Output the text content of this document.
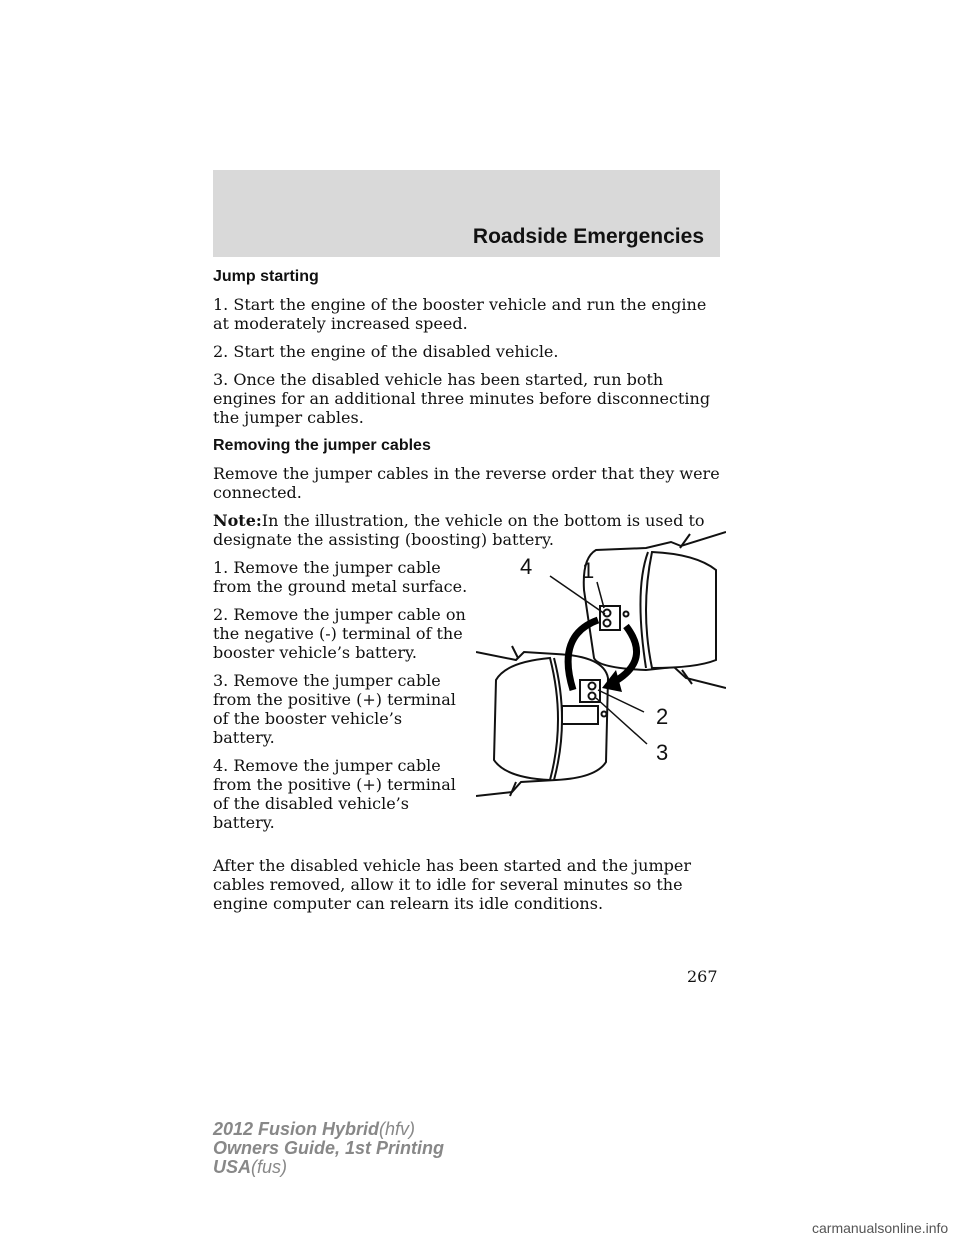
Roadside Emergencies
Jump starting

1. Start the engine of the booster vehicle and run the engine at moderately increased speed.

2. Start the engine of the disabled vehicle.

3. Once the disabled vehicle has been started, run both engines for an additional three minutes before disconnecting the jumper cables.

Removing the jumper cables

Remove the jumper cables in the reverse order that they were connected.

Note:In the illustration, the vehicle on the bottom is used to designate the assisting (boosting) battery.

1. Remove the jumper cable from the ground metal surface.

2. Remove the jumper cable on the negative (-) terminal of the booster vehicle’s battery.

3. Remove the jumper cable from the positive (+) terminal of the booster vehicle’s battery.

4. Remove the jumper cable from the positive (+) terminal of the disabled vehicle’s battery.

4 1
2
3
After the disabled vehicle has been started and the jumper cables removed, allow it to idle for several minutes so the engine computer can relearn its idle conditions.
267
2012 Fusion Hybrid(hfv)
Owners Guide, 1st Printing
USA(fus)
carmanualsonline.info
